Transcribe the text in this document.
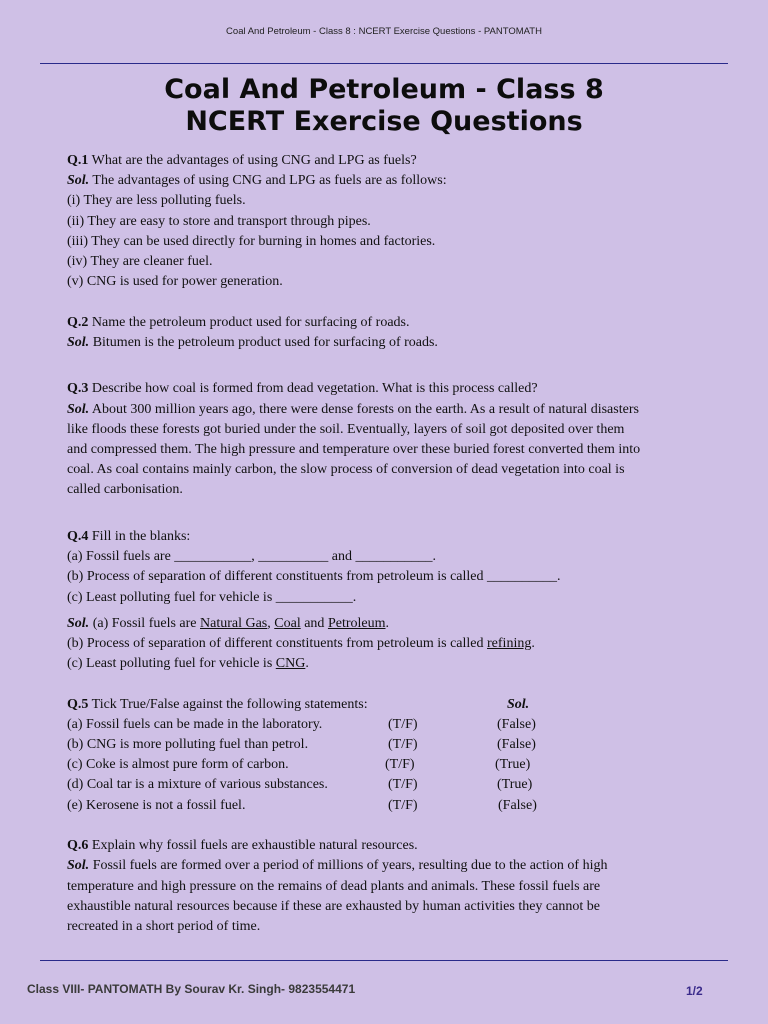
Coal And Petroleum - Class 8 : NCERT Exercise Questions - PANTOMATH
Coal And Petroleum - Class 8
NCERT Exercise Questions
Q.1 What are the advantages of using CNG and LPG as fuels?
Sol. The advantages of using CNG and LPG as fuels are as follows:
(i) They are less polluting fuels.
(ii) They are easy to store and transport through pipes.
(iii) They can be used directly for burning in homes and factories.
(iv) They are cleaner fuel.
(v) CNG is used for power generation.
Q.2 Name the petroleum product used for surfacing of roads.
Sol. Bitumen is the petroleum product used for surfacing of roads.
Q.3 Describe how coal is formed from dead vegetation. What is this process called?
Sol. About 300 million years ago, there were dense forests on the earth. As a result of natural disasters
like floods these forests got buried under the soil. Eventually, layers of soil got deposited over them
and compressed them. The high pressure and temperature over these buried forest converted them into
coal. As coal contains mainly carbon, the slow process of conversion of dead vegetation into coal is
called carbonisation.
Q.4 Fill in the blanks:
(a) Fossil fuels are ___________, __________ and ___________.
(b) Process of separation of different constituents from petroleum is called __________.
(c) Least polluting fuel for vehicle is ___________.
Sol. (a) Fossil fuels are Natural Gas, Coal and Petroleum.
(b) Process of separation of different constituents from petroleum is called refining.
(c) Least polluting fuel for vehicle is CNG.
Q.5 Tick True/False against the following statements:	Sol.
(a) Fossil fuels can be made in the laboratory.	(T/F)	(False)
(b) CNG is more polluting fuel than petrol.	(T/F)	(False)
(c) Coke is almost pure form of carbon.	(T/F)	(True)
(d) Coal tar is a mixture of various substances.	(T/F)	(True)
(e) Kerosene is not a fossil fuel.	(T/F)	(False)
Q.6 Explain why fossil fuels are exhaustible natural resources.
Sol. Fossil fuels are formed over a period of millions of years, resulting due to the action of high
temperature and high pressure on the remains of dead plants and animals. These fossil fuels are
exhaustible natural resources because if these are exhausted by human activities they cannot be
recreated in a short period of time.
Class VIII- PANTOMATH By Sourav Kr. Singh- 9823554471	1/2
